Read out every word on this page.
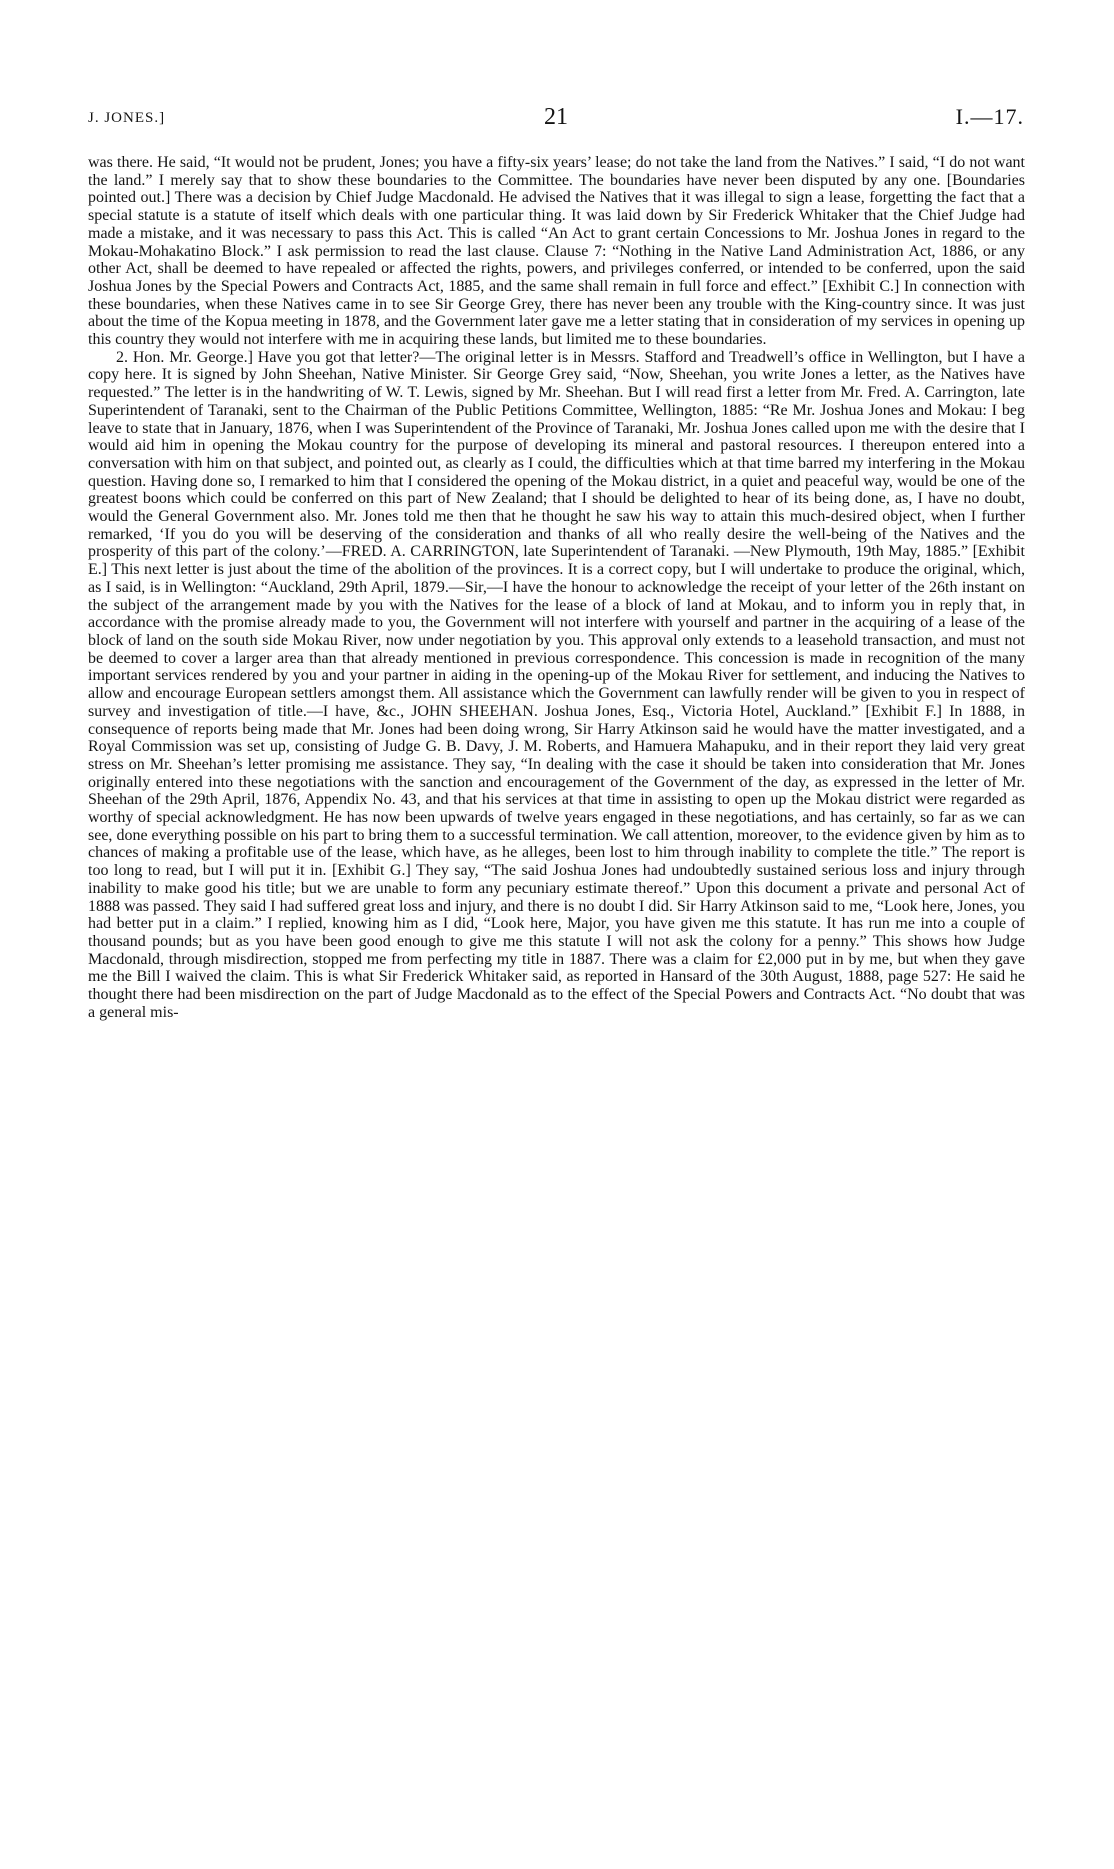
J. JONES.]	21	I.—17.

was there. He said, “It would not be prudent, Jones; you have a fifty-six years’ lease; do not take the land from the Natives.” I said, “I do not want the land.” I merely say that to show these boundaries to the Committee. The boundaries have never been disputed by any one. [Boundaries pointed out.] There was a decision by Chief Judge Macdonald. He advised the Natives that it was illegal to sign a lease, forgetting the fact that a special statute is a statute of itself which deals with one particular thing. It was laid down by Sir Frederick Whitaker that the Chief Judge had made a mistake, and it was necessary to pass this Act. This is called “An Act to grant certain Concessions to Mr. Joshua Jones in regard to the Mokau-Mohakatino Block.” I ask permission to read the last clause. Clause 7: “Nothing in the Native Land Administration Act, 1886, or any other Act, shall be deemed to have repealed or affected the rights, powers, and privileges conferred, or intended to be conferred, upon the said Joshua Jones by the Special Powers and Contracts Act, 1885, and the same shall remain in full force and effect.” [Exhibit C.] In connection with these boundaries, when these Natives came in to see Sir George Grey, there has never been any trouble with the King-country since. It was just about the time of the Kopua meeting in 1878, and the Government later gave me a letter stating that in consideration of my services in opening up this country they would not interfere with me in acquiring these lands, but limited me to these boundaries.

2. Hon. Mr. George.] Have you got that letter?—The original letter is in Messrs. Stafford and Treadwell’s office in Wellington, but I have a copy here. It is signed by John Sheehan, Native Minister. Sir George Grey said, “Now, Sheehan, you write Jones a letter, as the Natives have requested.” The letter is in the handwriting of W. T. Lewis, signed by Mr. Sheehan. But I will read first a letter from Mr. Fred. A. Carrington, late Superintendent of Taranaki, sent to the Chairman of the Public Petitions Committee, Wellington, 1885: “Re Mr. Joshua Jones and Mokau: I beg leave to state that in January, 1876, when I was Superintendent of the Province of Taranaki, Mr. Joshua Jones called upon me with the desire that I would aid him in opening the Mokau country for the purpose of developing its mineral and pastoral resources. I thereupon entered into a conversation with him on that subject, and pointed out, as clearly as I could, the difficulties which at that time barred my interfering in the Mokau question. Having done so, I remarked to him that I considered the opening of the Mokau district, in a quiet and peaceful way, would be one of the greatest boons which could be conferred on this part of New Zealand; that I should be delighted to hear of its being done, as, I have no doubt, would the General Government also. Mr. Jones told me then that he thought he saw his way to attain this much-desired object, when I further remarked, ‘If you do you will be deserving of the consideration and thanks of all who really desire the well-being of the Natives and the prosperity of this part of the colony.’—FRED. A. CARRINGTON, late Superintendent of Taranaki. —New Plymouth, 19th May, 1885.” [Exhibit E.] This next letter is just about the time of the abolition of the provinces. It is a correct copy, but I will undertake to produce the original, which, as I said, is in Wellington: “Auckland, 29th April, 1879.—Sir,—I have the honour to acknowledge the receipt of your letter of the 26th instant on the subject of the arrangement made by you with the Natives for the lease of a block of land at Mokau, and to inform you in reply that, in accordance with the promise already made to you, the Government will not interfere with yourself and partner in the acquiring of a lease of the block of land on the south side Mokau River, now under negotiation by you. This approval only extends to a leasehold transaction, and must not be deemed to cover a larger area than that already mentioned in previous correspondence. This concession is made in recognition of the many important services rendered by you and your partner in aiding in the opening-up of the Mokau River for settlement, and inducing the Natives to allow and encourage European settlers amongst them. All assistance which the Government can lawfully render will be given to you in respect of survey and investigation of title.—I have, &c., JOHN SHEEHAN. Joshua Jones, Esq., Victoria Hotel, Auckland.” [Exhibit F.] In 1888, in consequence of reports being made that Mr. Jones had been doing wrong, Sir Harry Atkinson said he would have the matter investigated, and a Royal Commission was set up, consisting of Judge G. B. Davy, J. M. Roberts, and Hamuera Mahapuku, and in their report they laid very great stress on Mr. Sheehan’s letter promising me assistance. They say, “In dealing with the case it should be taken into consideration that Mr. Jones originally entered into these negotiations with the sanction and encouragement of the Government of the day, as expressed in the letter of Mr. Sheehan of the 29th April, 1876, Appendix No. 43, and that his services at that time in assisting to open up the Mokau district were regarded as worthy of special acknowledgment. He has now been upwards of twelve years engaged in these negotiations, and has certainly, so far as we can see, done everything possible on his part to bring them to a successful termination. We call attention, moreover, to the evidence given by him as to chances of making a profitable use of the lease, which have, as he alleges, been lost to him through inability to complete the title.” The report is too long to read, but I will put it in. [Exhibit G.] They say, “The said Joshua Jones had undoubtedly sustained serious loss and injury through inability to make good his title; but we are unable to form any pecuniary estimate thereof.” Upon this document a private and personal Act of 1888 was passed. They said I had suffered great loss and injury, and there is no doubt I did. Sir Harry Atkinson said to me, “Look here, Jones, you had better put in a claim.” I replied, knowing him as I did, “Look here, Major, you have given me this statute. It has run me into a couple of thousand pounds; but as you have been good enough to give me this statute I will not ask the colony for a penny.” This shows how Judge Macdonald, through misdirection, stopped me from perfecting my title in 1887. There was a claim for £2,000 put in by me, but when they gave me the Bill I waived the claim. This is what Sir Frederick Whitaker said, as reported in Hansard of the 30th August, 1888, page 527: He said he thought there had been misdirection on the part of Judge Macdonald as to the effect of the Special Powers and Contracts Act. “No doubt that was a general mis-
